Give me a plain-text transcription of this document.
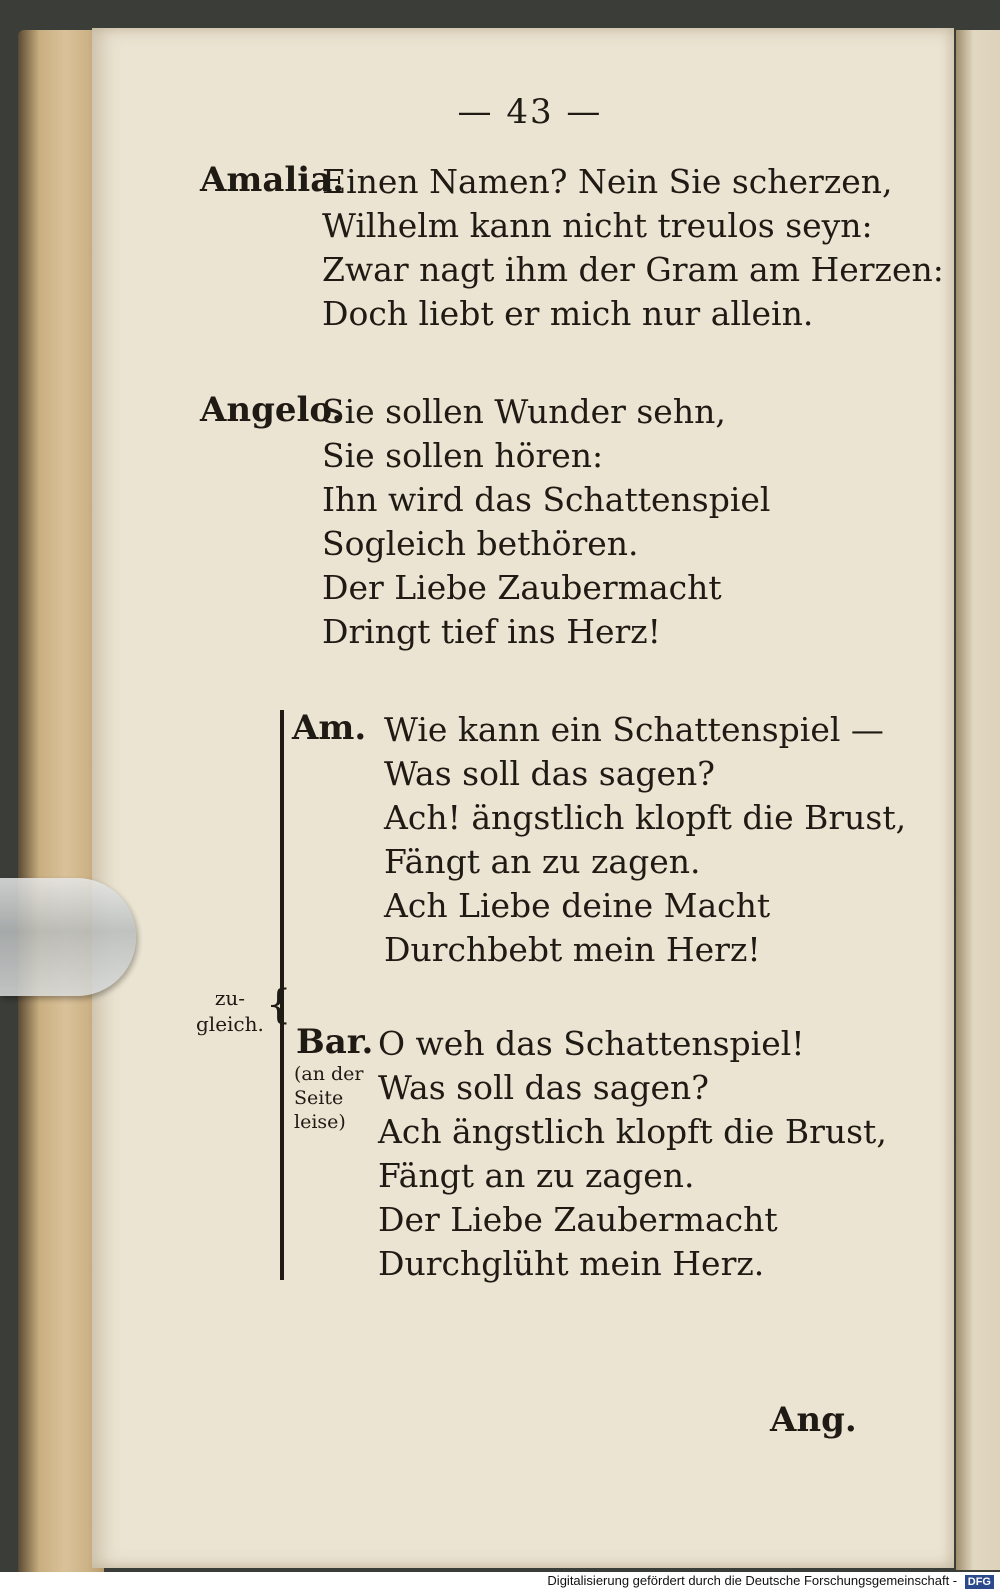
— 43 —
Amalia.
Einen Namen? Nein Sie scherzen,
Wilhelm kann nicht treulos seyn:
Zwar nagt ihm der Gram am Herzen:
Doch liebt er mich nur allein.
Angelo.
Sie sollen Wunder sehn,
Sie sollen hören:
Ihn wird das Schattenspiel
Sogleich bethören.
Der Liebe Zaubermacht
Dringt tief ins Herz!
{
zu-
gleich.
Am. Wie kann ein Schattenspiel —
Was soll das sagen?
Ach! ängstlich klopft die Brust,
Fängt an zu zagen.
Ach Liebe deine Macht
Durchbebt mein Herz!
Bar.
(an der
Seite
leise)
O weh das Schattenspiel!
Was soll das sagen?
Ach ängstlich klopft die Brust,
Fängt an zu zagen.
Der Liebe Zaubermacht
Durchglüht mein Herz.
Ang.
Digitalisierung gefördert durch die Deutsche Forschungsgemeinschaft - DFG
